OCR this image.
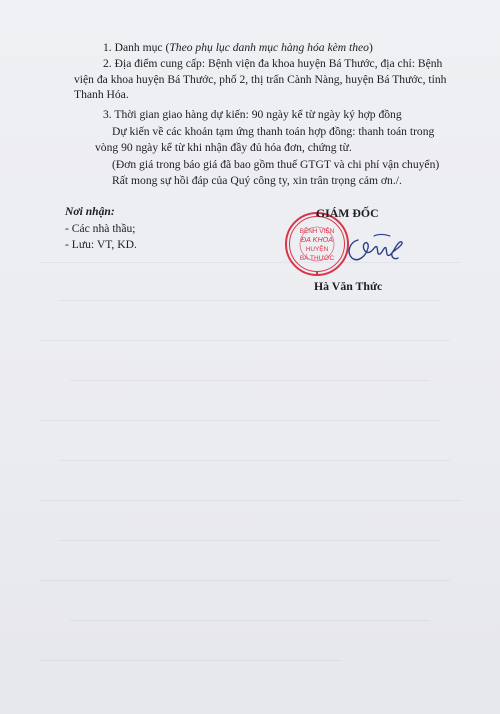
1. Danh mục (Theo phụ lục danh mục hàng hóa kèm theo)
2. Địa điểm cung cấp: Bệnh viện đa khoa huyện Bá Thước, địa chỉ: Bệnh
viện đa khoa huyện Bá Thước, phố 2, thị trấn Cành Nàng, huyện Bá Thước, tỉnh
Thanh Hóa.
3. Thời gian giao hàng dự kiến: 90 ngày kể từ ngày ký hợp đồng
Dự kiến về các khoản tạm ứng thanh toán hợp đồng: thanh toán trong
vòng 90 ngày kể từ khi nhận đầy đủ hóa đơn, chứng từ.
(Đơn giá trong báo giá đã bao gồm thuế GTGT và chi phí vận chuyển)
Rất mong sự hồi đáp của Quý công ty, xin trân trọng cảm ơn./.
Nơi nhận:
- Các nhà thầu;
- Lưu: VT, KD.
BỆNH VIỆN
ĐA KHOA
HUYỆN
BÁ THƯỚC
GIÁM ĐỐC
Hà Văn Thức
